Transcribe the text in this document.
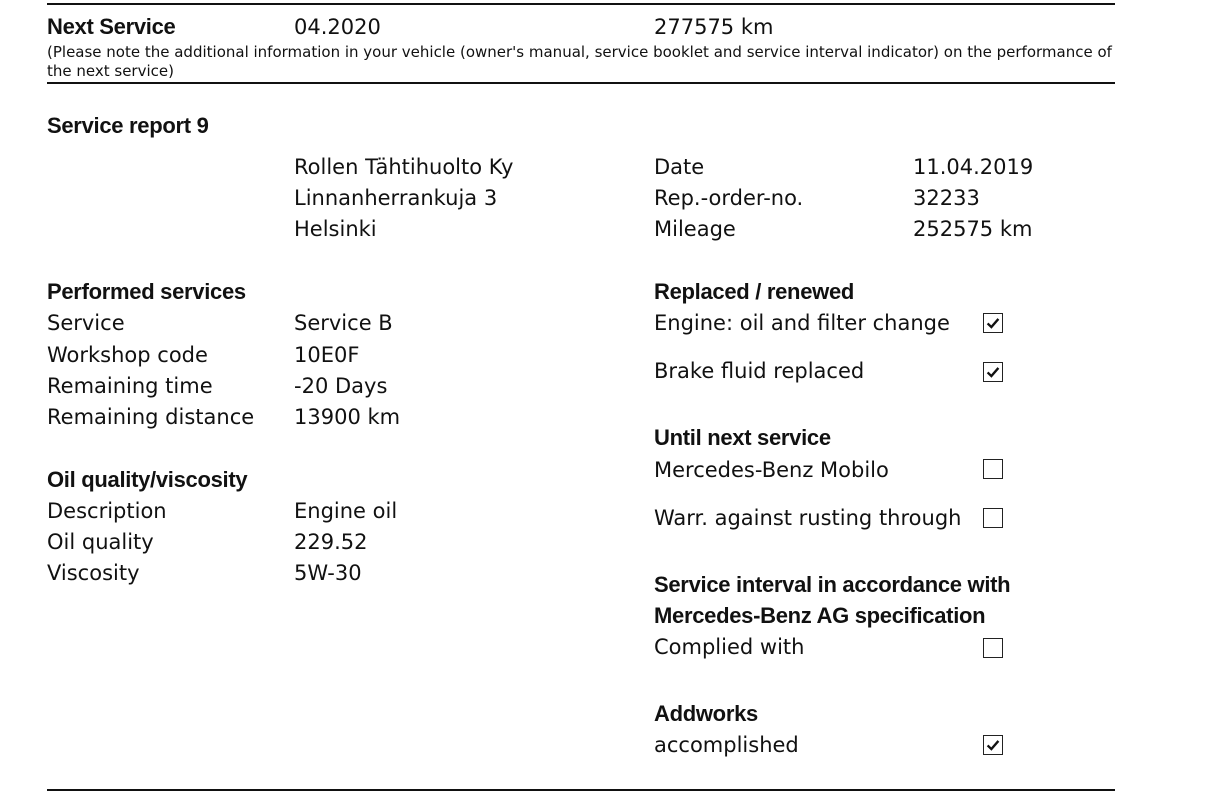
Next Service	04.2020	277575 km
(Please note the additional information in your vehicle (owner's manual, service booklet and service interval indicator) on the performance of the next service)
Service report 9
Rollen Tähtihuolto Ky
Linnanherrankuja 3
Helsinki
Date	11.04.2019
Rep.-order-no.	32233
Mileage	252575 km
Performed services
Service	Service B
Workshop code	10E0F
Remaining time	-20 Days
Remaining distance 13900 km
Oil quality/viscosity
Description	Engine oil
Oil quality	229.52
Viscosity	5W-30
Replaced / renewed
Engine: oil and filter change
Brake fluid replaced
Until next service
Mercedes-Benz Mobilo
Warr. against rusting through
Service interval in accordance with
Mercedes-Benz AG specification
Complied with
Addworks
accomplished
